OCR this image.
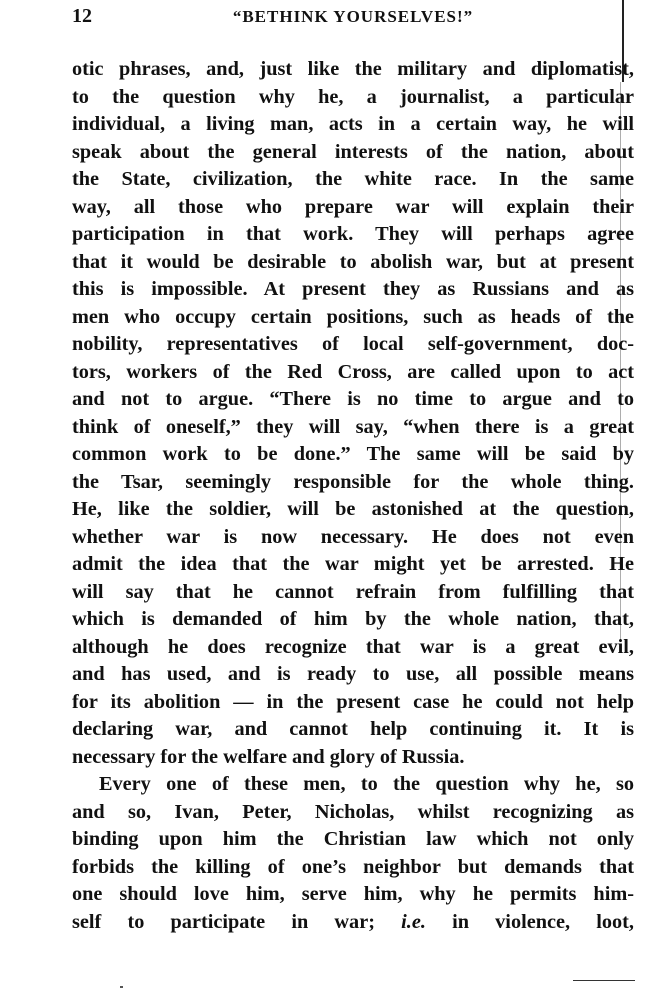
12	“BETHINK YOURSELVES!”
otic phrases, and, just like the military and diplomatist,
to the question why he, a journalist, a particular
individual, a living man, acts in a certain way, he will
speak about the general interests of the nation, about
the State, civilization, the white race. In the same
way, all those who prepare war will explain their
participation in that work. They will perhaps agree
that it would be desirable to abolish war, but at present
this is impossible. At present they as Russians and as
men who occupy certain positions, such as heads of the
nobility, representatives of local self-government, doc-
tors, workers of the Red Cross, are called upon to act
and not to argue. “There is no time to argue and to
think of oneself,” they will say, “when there is a great
common work to be done.” The same will be said by
the Tsar, seemingly responsible for the whole thing.
He, like the soldier, will be astonished at the question,
whether war is now necessary. He does not even
admit the idea that the war might yet be arrested. He
will say that he cannot refrain from fulfilling that
which is demanded of him by the whole nation, that,
although he does recognize that war is a great evil,
and has used, and is ready to use, all possible means
for its abolition — in the present case he could not help
declaring war, and cannot help continuing it. It is
necessary for the welfare and glory of Russia.
Every one of these men, to the question why he, so
and so, Ivan, Peter, Nicholas, whilst recognizing as
binding upon him the Christian law which not only
forbids the killing of one’s neighbor but demands that
one should love him, serve him, why he permits him-
self to participate in war; i.e. in violence, loot,
